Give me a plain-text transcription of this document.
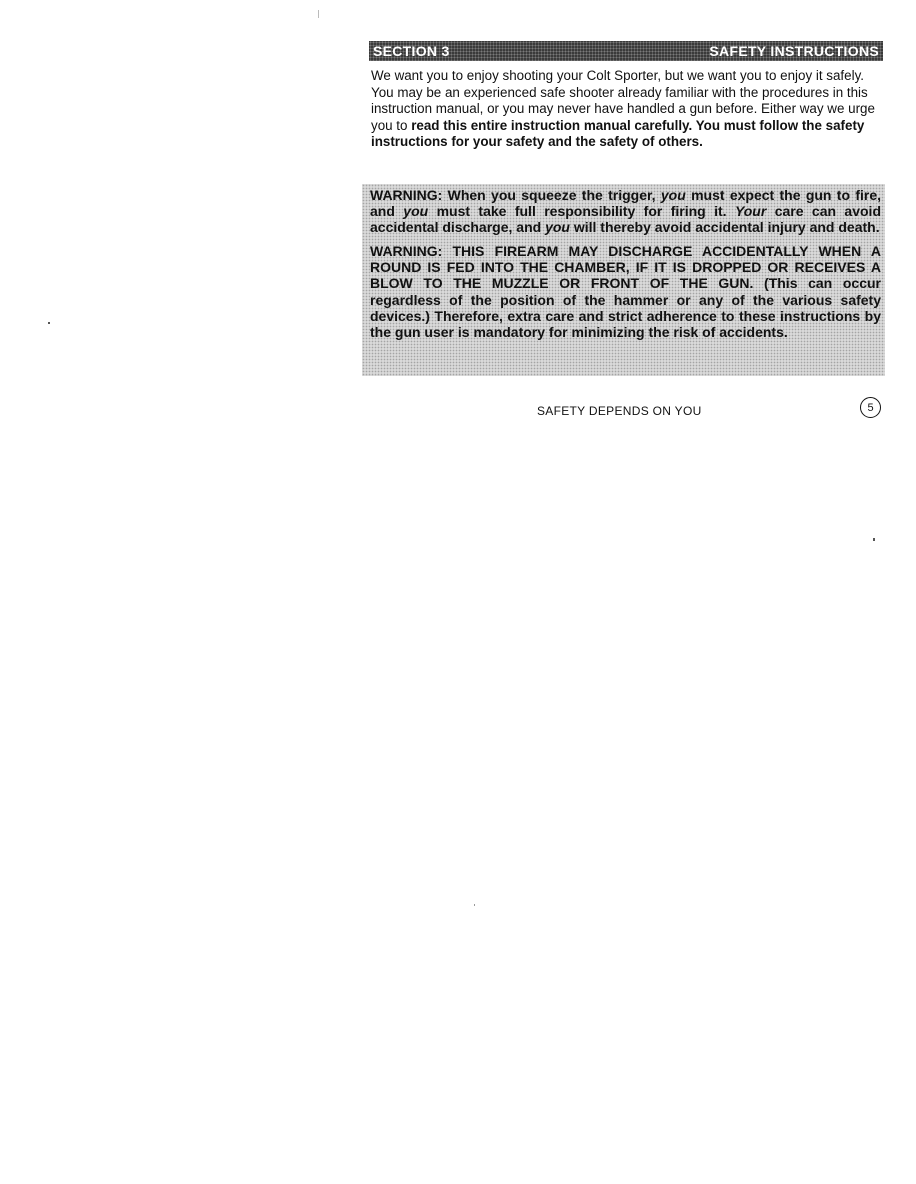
SECTION 3	SAFETY INSTRUCTIONS

We want you to enjoy shooting your Colt Sporter, but we want you to enjoy it safely. You may be an experienced safe shooter already familiar with the procedures in this instruction manual, or you may never have handled a gun before. Either way we urge you to read this entire instruction manual carefully. You must follow the safety instructions for your safety and the safety of others.

WARNING: When you squeeze the trigger, you must expect the gun to fire, and you must take full responsibility for firing it. Your care can avoid accidental discharge, and you will thereby avoid accidental injury and death.

WARNING: THIS FIREARM MAY DISCHARGE ACCIDENTALLY WHEN A ROUND IS FED INTO THE CHAMBER, IF IT IS DROPPED OR RECEIVES A BLOW TO THE MUZZLE OR FRONT OF THE GUN. (This can occur regardless of the position of the hammer or any of the various safety devices.) Therefore, extra care and strict adherence to these instructions by the gun user is mandatory for minimizing the risk of accidents.

SAFETY DEPENDS ON YOU	5
